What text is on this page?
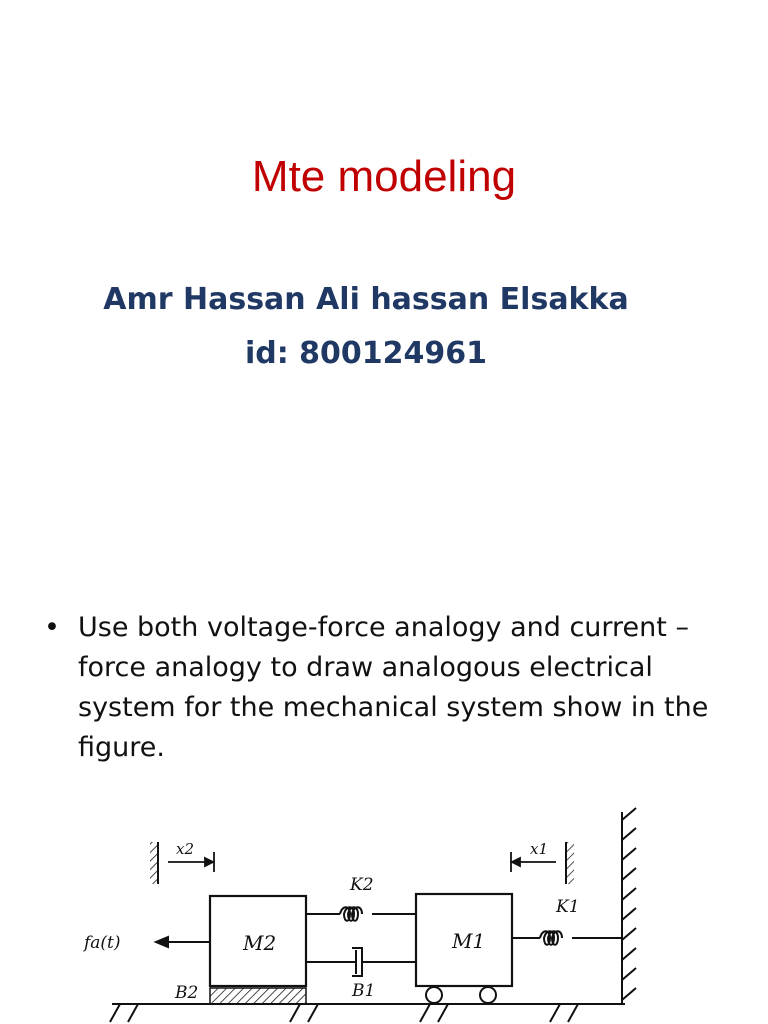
Mte modeling
Amr Hassan Ali hassan Elsakka
id: 800124961
• Use both voltage-force analogy and current – force analogy to draw analogous electrical system for the mechanical system show in the figure.
x2	x1
M2
B2
M1
fa(t)
K2
B1
K1
